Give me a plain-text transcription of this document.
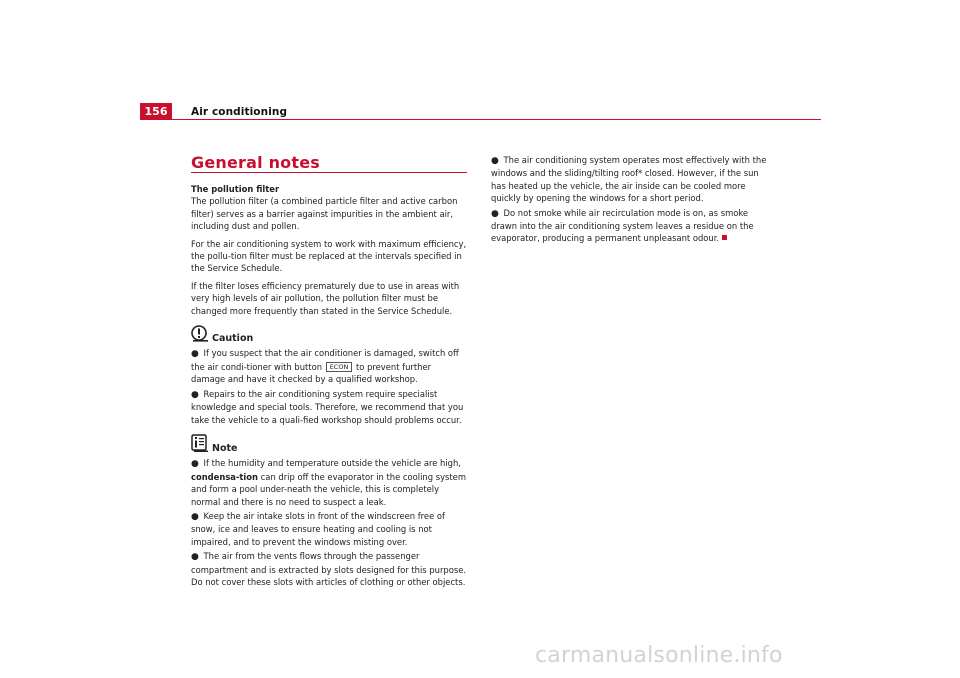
156	Air conditioning
General notes

The pollution filter

The pollution filter (a combined particle filter and active carbon filter) serves as a barrier against impurities in the ambient air, including dust and pollen.

For the air conditioning system to work with maximum efficiency, the pollu-tion filter must be replaced at the intervals specified in the Service Schedule.

If the filter loses efficiency prematurely due to use in areas with very high levels of air pollution, the pollution filter must be changed more frequently than stated in the Service Schedule.

Caution

● If you suspect that the air conditioner is damaged, switch off the air condi-tioner with button ECON to prevent further damage and have it checked by a qualified workshop.

● Repairs to the air conditioning system require specialist knowledge and special tools. Therefore, we recommend that you take the vehicle to a quali-fied workshop should problems occur.

Note

● If the humidity and temperature outside the vehicle are high, condensa-tion can drip off the evaporator in the cooling system and form a pool under-neath the vehicle, this is completely normal and there is no need to suspect a leak.

● Keep the air intake slots in front of the windscreen free of snow, ice and leaves to ensure heating and cooling is not impaired, and to prevent the windows misting over.

● The air from the vents flows through the passenger compartment and is extracted by slots designed for this purpose. Do not cover these slots with articles of clothing or other objects.

● The air conditioning system operates most effectively with the windows and the sliding/tilting roof* closed. However, if the sun has heated up the vehicle, the air inside can be cooled more quickly by opening the windows for a short period.

● Do not smoke while air recirculation mode is on, as smoke drawn into the air conditioning system leaves a residue on the evaporator, producing a permanent unpleasant odour.

carmanualsonline.info
